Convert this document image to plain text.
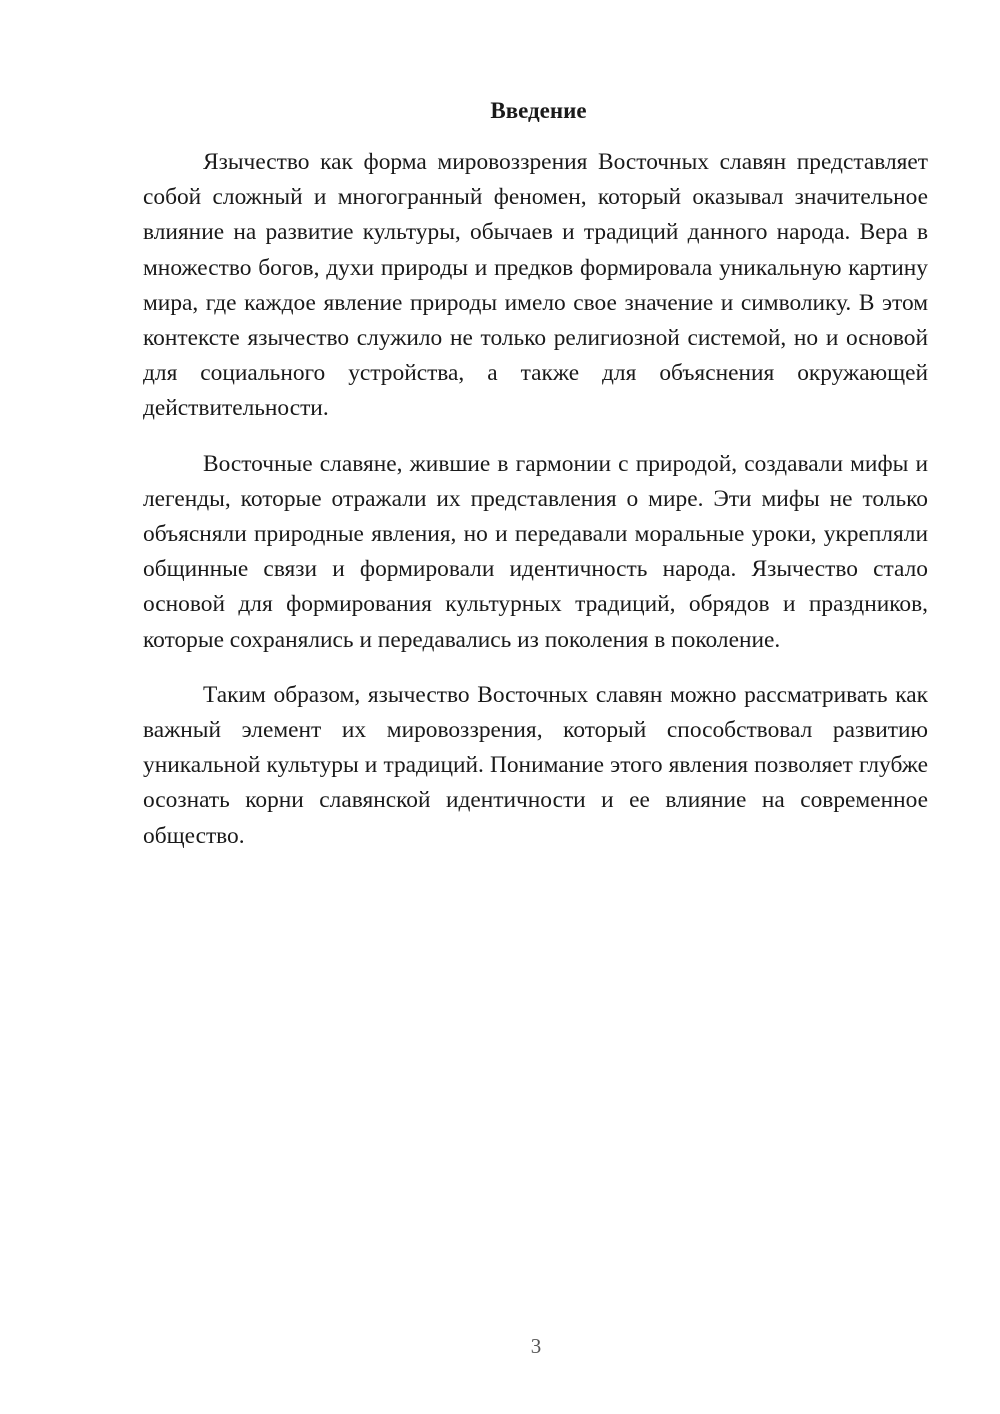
Введение

Язычество как форма мировоззрения Восточных славян представляет собой сложный и многогранный феномен, который оказывал значительное влияние на развитие культуры, обычаев и традиций данного народа. Вера в множество богов, духи природы и предков формировала уникальную картину мира, где каждое явление природы имело свое значение и символику. В этом контексте язычество служило не только религиозной системой, но и основой для социального устройства, а также для объяснения окружающей действительности.

Восточные славяне, жившие в гармонии с природой, создавали мифы и легенды, которые отражали их представления о мире. Эти мифы не только объясняли природные явления, но и передавали моральные уроки, укрепляли общинные связи и формировали идентичность народа. Язычество стало основой для формирования культурных традиций, обрядов и праздников, которые сохранялись и передавались из поколения в поколение.

Таким образом, язычество Восточных славян можно рассматривать как важный элемент их мировоззрения, который способствовал развитию уникальной культуры и традиций. Понимание этого явления позволяет глубже осознать корни славянской идентичности и ее влияние на современное общество.

3
